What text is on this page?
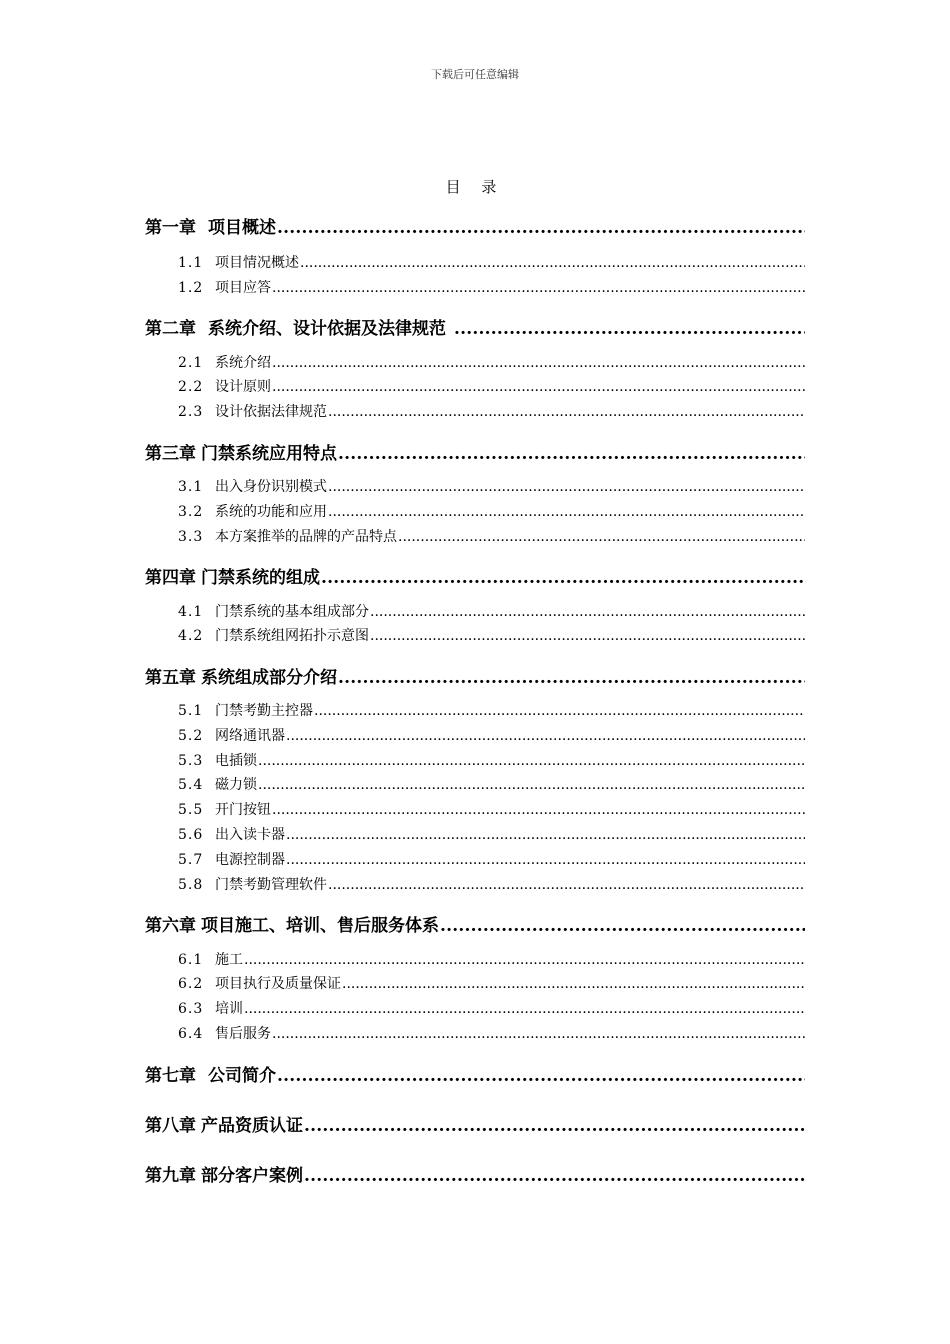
下载后可任意编辑
目 录
第一章 项目概述
.....
1.1 项目情况概述
.....
1.2 项目应答
.....
第二章 系统介绍、设计依据及法律规范
.....
2.1 系统介绍
.....
2.2 设计原则
.....
2.3 设计依据法律规范
.....
第三章 门禁系统应用特点
.....
3.1 出入身份识别模式
.....
3.2 系统的功能和应用
.....
3.3 本方案推举的品牌的产品特点
.....
第四章 门禁系统的组成
.....
4.1 门禁系统的基本组成部分
.....
4.2 门禁系统组网拓扑示意图
.....
第五章 系统组成部分介绍
.....
5.1 门禁考勤主控器
.....
5.2 网络通讯器
.....
5.3 电插锁
.....
5.4 磁力锁
.....
5.5 开门按钮
.....
5.6 出入读卡器
.....
5.7 电源控制器
.....
5.8 门禁考勤管理软件
.....
第六章 项目施工、培训、售后服务体系
.....
6.1 施工
.....
6.2 项目执行及质量保证
.....
6.3 培训
.....
6.4 售后服务
.....
第七章 公司简介
.....
第八章 产品资质认证
.....
第九章 部分客户案例
.....
